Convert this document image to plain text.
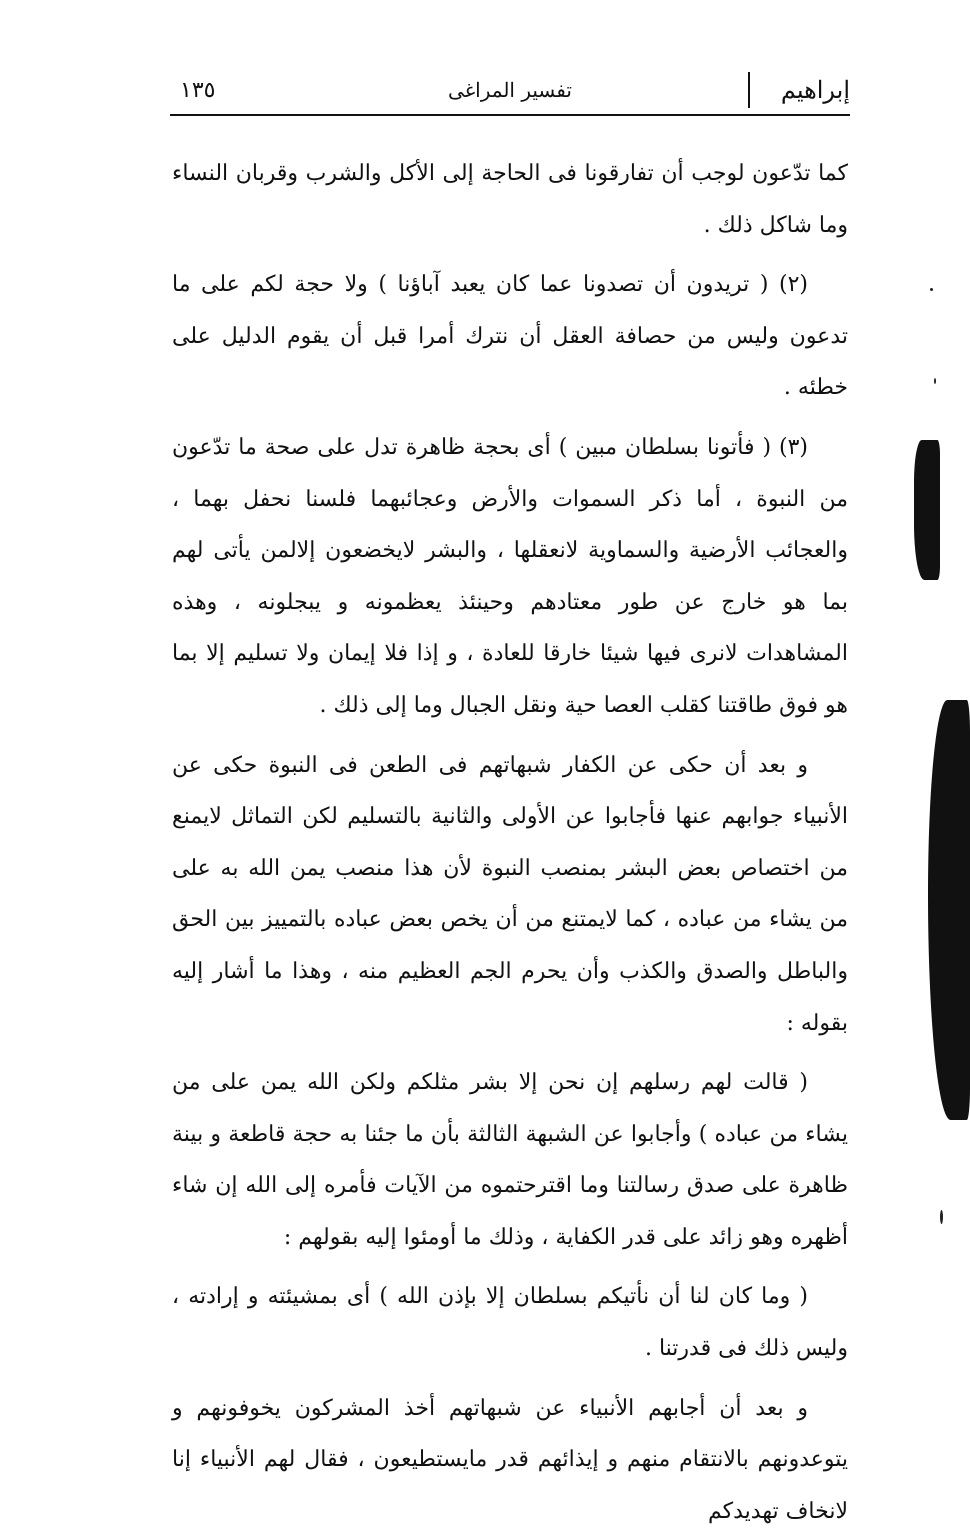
إبراهيم
تفسير المراغى
١٣٥

كما تدّعون لوجب أن تفارقونا فى الحاجة إلى الأكل والشرب وقربان النساء وما شاكل ذلك .

(٢) ( تريدون أن تصدونا عما كان يعبد آباؤنا ) ولا حجة لكم على ما تدعون وليس من حصافة العقل أن نترك أمرا قبل أن يقوم الدليل على خطئه .

(٣) ( فأتونا بسلطان مبين ) أى بحجة ظاهرة تدل على صحة ما تدّعون من النبوة ، أما ذكر السموات والأرض وعجائبهما فلسنا نحفل بهما ، والعجائب الأرضية والسماوية لانعقلها ، والبشر لايخضعون إلالمن يأتى لهم بما هو خارج عن طور معتادهم وحينئذ يعظمونه و يبجلونه ، وهذه المشاهدات لانرى فيها شيئا خارقا للعادة ، و إذا فلا إيمان ولا تسليم إلا بما هو فوق طاقتنا كقلب العصا حية ونقل الجبال وما إلى ذلك .

و بعد أن حكى عن الكفار شبهاتهم فى الطعن فى النبوة حكى عن الأنبياء جوابهم عنها فأجابوا عن الأولى والثانية بالتسليم لكن التماثل لايمنع من اختصاص بعض البشر بمنصب النبوة لأن هذا منصب يمن الله به على من يشاء من عباده ، كما لايمتنع من أن يخص بعض عباده بالتمييز بين الحق والباطل والصدق والكذب وأن يحرم الجم العظيم منه ، وهذا ما أشار إليه بقوله :

( قالت لهم رسلهم إن نحن إلا بشر مثلكم ولكن الله يمن على من يشاء من عباده ) وأجابوا عن الشبهة الثالثة بأن ما جئنا به حجة قاطعة و بينة ظاهرة على صدق رسالتنا وما اقترحتموه من الآيات فأمره إلى الله إن شاء أظهره وهو زائد على قدر الكفاية ، وذلك ما أومئوا إليه بقولهم :

( وما كان لنا أن نأتيكم بسلطان إلا بإذن الله ) أى بمشيئته و إرادته ، وليس ذلك فى قدرتنا .

و بعد أن أجابهم الأنبياء عن شبهاتهم أخذ المشركون يخوفونهم و يتوعدونهم بالانتقام منهم و إيذائهم قدر مايستطيعون ، فقال لهم الأنبياء إنا لانخاف تهديدكم
